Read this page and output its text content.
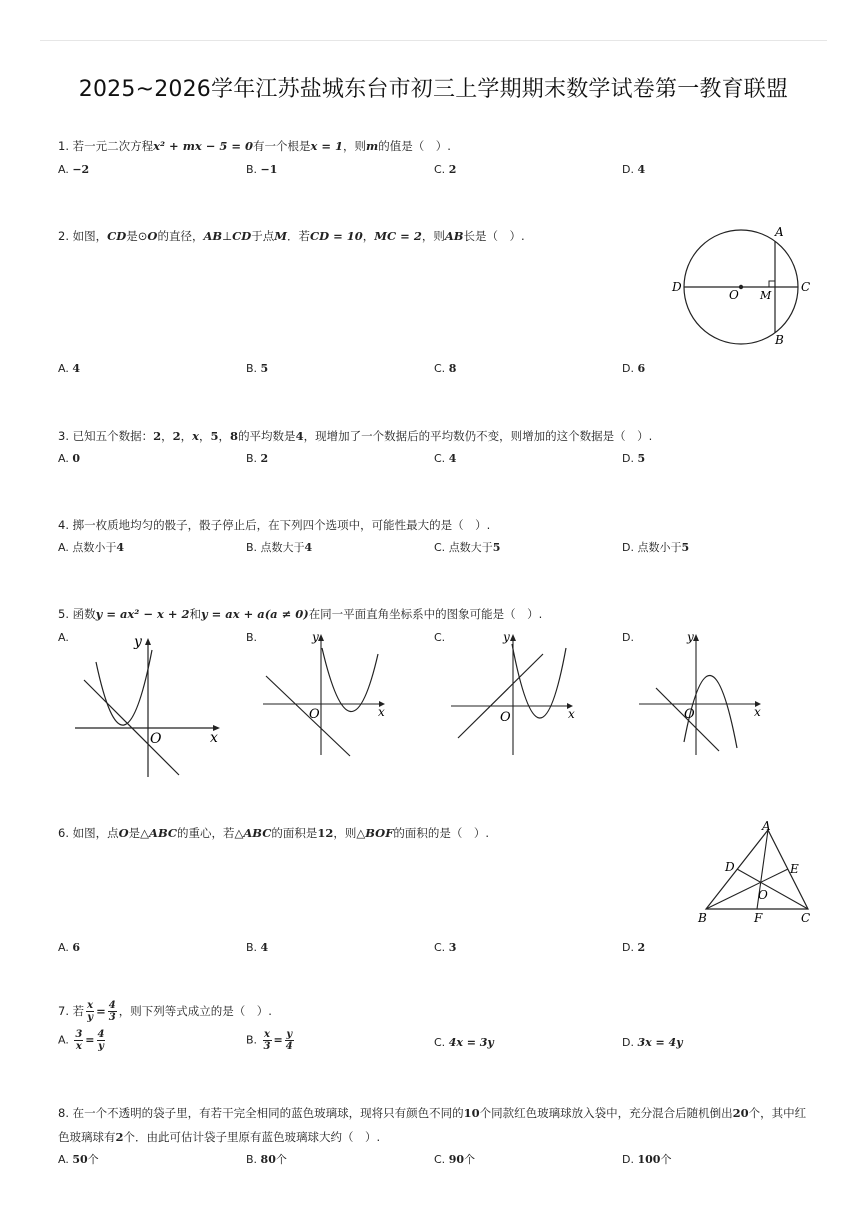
2025~2026学年江苏盐城东台市初三上学期期末数学试卷第一教育联盟
1. 若一元二次方程x² + mx − 5 = 0有一个根是x = 1，则m的值是（　）.
A. −2	B. −1	C. 2	D. 4
2. 如图，CD是⊙O的直径，AB⊥CD于点M．若CD = 10，MC = 2，则AB长是（　）.	A
B
C
D
O M
A. 4	B. 5	C. 8	D. 6
3. 已知五个数据：2，2，x，5，8的平均数是4，现增加了一个数据后的平均数仍不变，则增加的这个数据是（　）.
A. 0	B. 2	C. 4	D. 5
4. 掷一枚质地均匀的骰子，骰子停止后，在下列四个选项中，可能性最大的是（　）.
A. 点数小于4	B. 点数大于4	C. 点数大于5	D. 点数小于5
5. 函数y = ax² − x + 2和y = ax + a(a ≠ 0)在同一平面直角坐标系中的图象可能是（　）.
A.	B.	C.	D.
x
y
O
x
y
O	x
y
O	x
y
O
6. 如图，点O是△ABC的重心，若△ABC的面积是12，则△BOF的面积的是（　）.	A
B	C
D	E
F
O
A. 6	B. 4	C. 3	D. 2
7. 若 $\frac{x}{y} = \frac{4}{3}$ ，则下列等式成立的是（　）.
A. $\frac{3}{x} = \frac{4}{y}$	B. $\frac{x}{3} = \frac{y}{4}$	C. 4x = 3y	D. 3x = 4y
8. 在一个不透明的袋子里，有若干完全相同的蓝色玻璃球，现将只有颜色不同的10个同款红色玻璃球放入袋中，充分混合后随机倒出20个，其中红
色玻璃球有2个．由此可估计袋子里原有蓝色玻璃球大约（　）.
A. 50个	B. 80个	C. 90个	D. 100个
